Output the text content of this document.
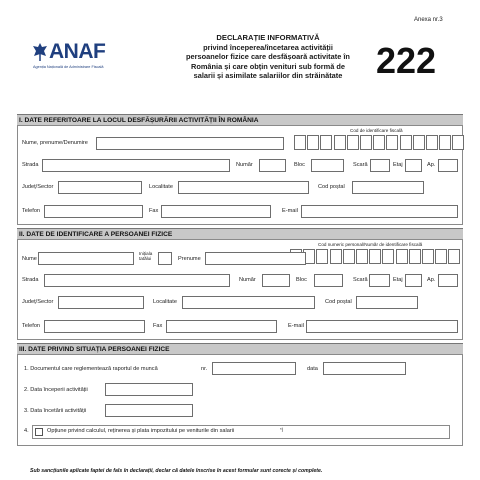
Anexa nr.3
ANAF
Agenția Națională de Administrare Fiscală
DECLARAȚIE INFORMATIVĂ
privind începerea/încetarea activității
persoanelor fizice care desfășoară activitate în
România și care obțin venituri sub formă de
salarii și asimilate salariilor din străinătate 222
I. DATE REFERITOARE LA LOCUL DESFĂȘURĂRII ACTIVITĂȚII ÎN ROMÂNIA
Cod de identificare fiscală
Nume, prenume/Denumire
Strada	Număr	Bloc	Scară	Etaj	Ap.
Județ/Sector	Localitate	Cod poștal
Telefon	Fax	E-mail
II. DATE DE IDENTIFICARE A PERSOANEI FIZICE
Cod numeric personal/Număr de identificare fiscală
Nume
Inițiala
tatălui	Prenume
Strada	Număr	Bloc	Scară	Etaj	Ap.
Județ/Sector	Localitate	Cod poștal
Telefon	Fax	E-mail
III. DATE PRIVIND SITUAȚIA PERSOANEI FIZICE
1. Documentul care reglementează raportul de muncă	nr.	data
2. Data începerii activității
3. Data încetării activității
4.	Opțiune privind calculul, reținerea și plata impozitului pe veniturile din salarii	*)
Sub sancțiunile aplicate faptei de fals în declarații, declar că datele înscrise în acest formular sunt corecte și complete.
